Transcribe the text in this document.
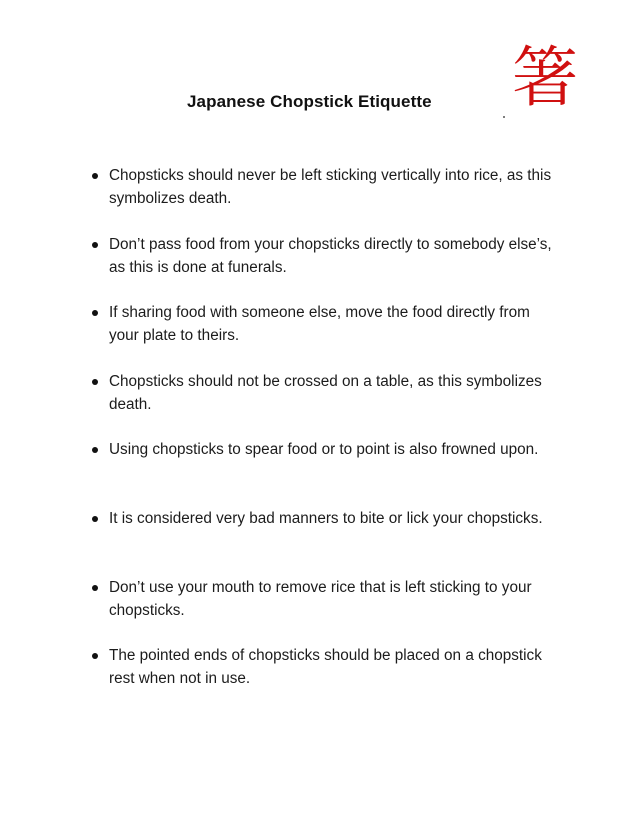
Japanese Chopstick Etiquette 箸
Chopsticks should never be left sticking vertically into rice, as this symbolizes death.
Don’t pass food from your chopsticks directly to somebody else’s, as this is done at funerals.
If sharing food with someone else, move the food directly from your plate to theirs.
Chopsticks should not be crossed on a table, as this symbolizes death.
Using chopsticks to spear food or to point is also frowned upon.
It is considered very bad manners to bite or lick your chopsticks.
Don’t use your mouth to remove rice that is left sticking to your chopsticks.
The pointed ends of chopsticks should be placed on a chopstick rest when not in use.
